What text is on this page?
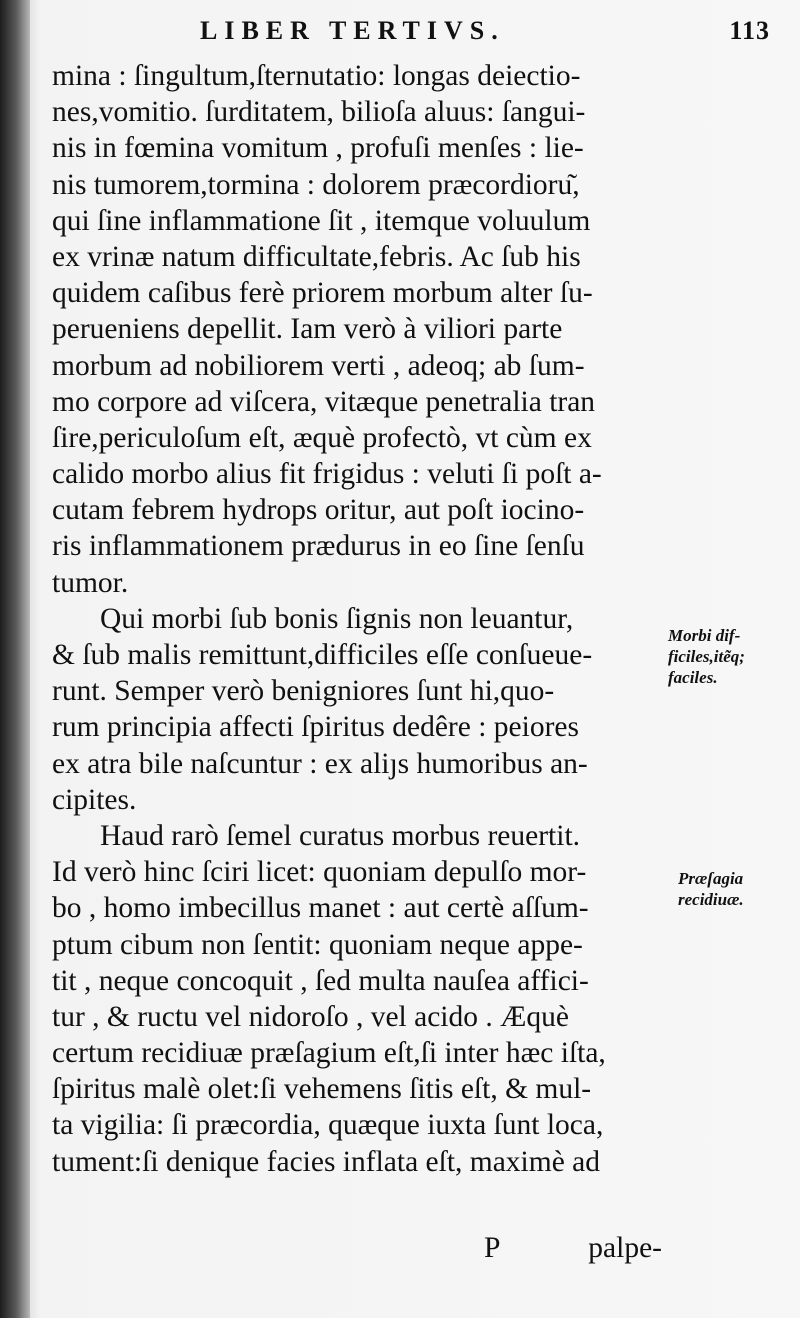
LIBER TERTIVS.	113
mina : ſingultum,ſternutatio: longas deiectio-
nes,vomitio. ſurditatem, bilioſa aluus: ſangui-
nis in fœmina vomitum , profuſi menſes : lie-
nis tumorem,tormina : dolorem præcordioru͂,
qui ſine inflammatione ſit , itemque voluulum
ex vrinæ natum difficultate,febris. Ac ſub his
quidem caſibus ferè priorem morbum alter ſu-
perueniens depellit. Iam verò à viliori parte
morbum ad nobiliorem verti , adeoq; ab ſum-
mo corpore ad viſcera, vitæque penetralia tran
ſire,periculoſum eſt, æquè profectò, vt cùm ex
calido morbo alius fit frigidus : veluti ſi poſt a-
cutam febrem hydrops oritur, aut poſt iocino-
ris inflammationem prædurus in eo ſine ſenſu
tumor.
Qui morbi ſub bonis ſignis non leuantur,
& ſub malis remittunt,difficiles eſſe conſueue-
runt. Semper verò benigniores ſunt hi,quo-
rum principia affecti ſpiritus dedêre : peiores
ex atra bile naſcuntur : ex aliȷs humoribus an-
cipites.
Haud rarò ſemel curatus morbus reuertit.
Id verò hinc ſciri licet: quoniam depulſo mor-
bo , homo imbecillus manet : aut certè aſſum-
ptum cibum non ſentit: quoniam neque appe-
tit , neque concoquit , ſed multa nauſea affici-
tur , & ructu vel nidoroſo , vel acido . Æquè
certum recidiuæ præſagium eſt,ſi inter hæc iſta,
ſpiritus malè olet:ſi vehemens ſitis eſt, & mul-
ta vigilia: ſi præcordia, quæque iuxta ſunt loca,
tument:ſi denique facies inflata eſt, maximè ad
Morbi dif-
ficiles,itẽq;
faciles.
Præſagia
recidiuæ.
P	palpe-
